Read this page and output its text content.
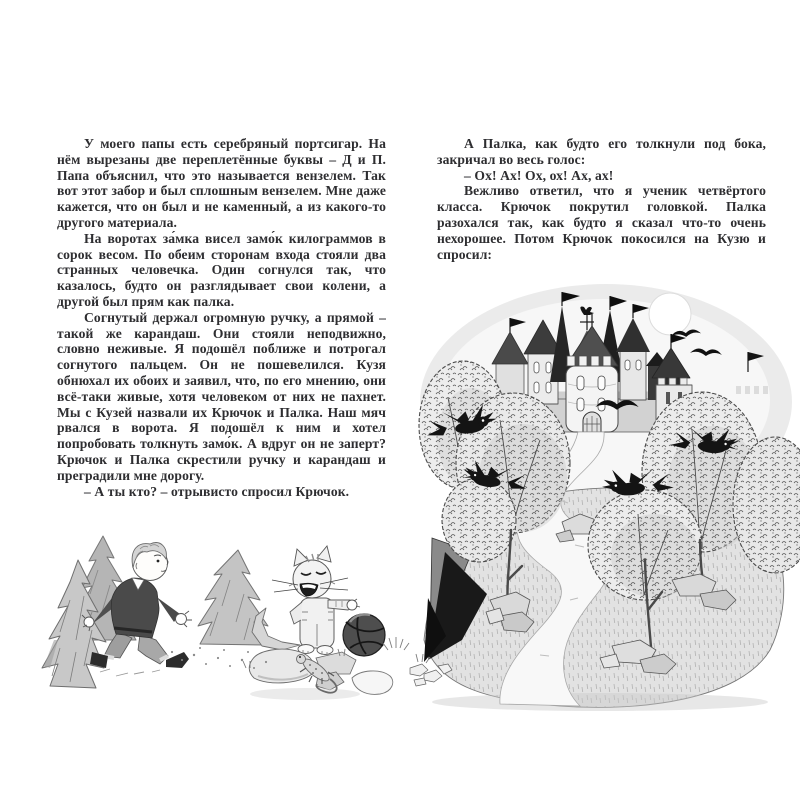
У моего папы есть серебряный портсигар. На нём вырезаны две переплетённые буквы – Д и П. Папа объяснил, что это называется вензелем. Так вот этот забор и был сплошным вензелем. Мне даже кажется, что он был и не каменный, а из какого-то другого материала.

На воротах за́мка висел замо́к килограммов в сорок весом. По обеим сторонам входа стояли два странных человечка. Один согнулся так, что казалось, будто он разглядывает свои колени, а другой был прям как палка.

Согнутый держал огромную ручку, а прямой – такой же карандаш. Они стояли неподвижно, словно неживые. Я подошёл поближе и потрогал согнутого пальцем. Он не пошевелился. Кузя обнюхал их обоих и заявил, что, по его мнению, они всё-таки живые, хотя человеком от них не пахнет. Мы с Кузей назвали их Крючок и Палка. Наш мяч рвался в ворота. Я подошёл к ним и хотел попробовать толкнуть замо́к. А вдруг он не заперт? Крючок и Палка скрестили ручку и карандаш и преградили мне дорогу.

– А ты кто? – отрывисто спросил Крючок.

А Палка, как будто его толкнули под бока, закричал во весь голос:

– Ох! Ах! Ох, ох! Ах, ах!

Вежливо ответил, что я ученик четвёртого класса. Крючок покрутил головкой. Палка разохался так, как будто я сказал что-то очень нехорошее. Потом Крючок покосился на Кузю и спросил:
